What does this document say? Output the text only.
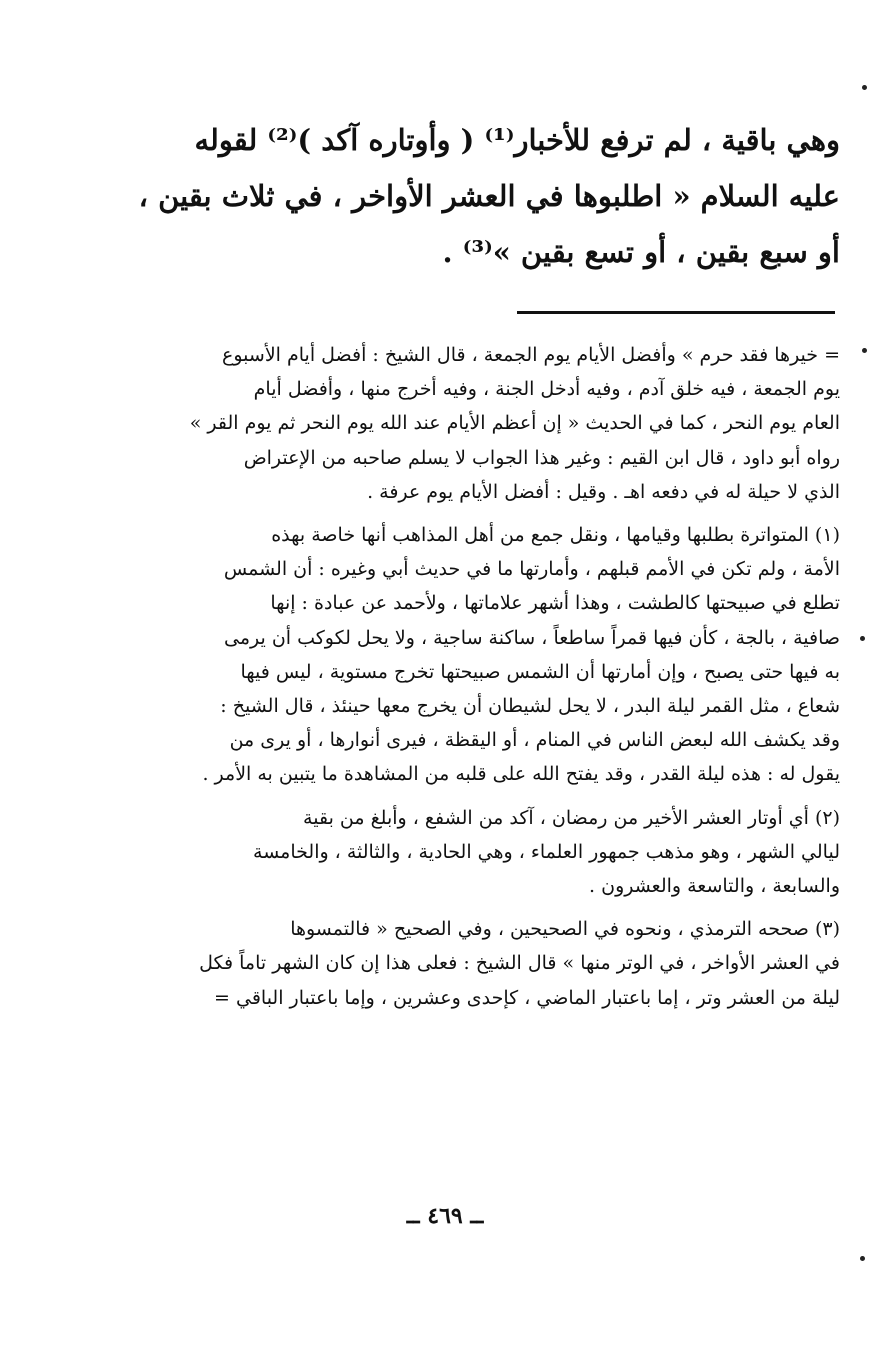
وهي باقية ، لم ترفع للأخبار⁽¹⁾ ( وأوتاره آكد )⁽²⁾ لقوله
عليه السلام « اطلبوها في العشر الأواخر ، في ثلاث بقين ،
أو سبع بقين ، أو تسع بقين »⁽³⁾ .
= خيرها فقد حرم » وأفضل الأيام يوم الجمعة ، قال الشيخ : أفضل أيام الأسبوع
يوم الجمعة ، فيه خلق آدم ، وفيه أدخل الجنة ، وفيه أخرج منها ، وأفضل أيام
العام يوم النحر ، كما في الحديث « إن أعظم الأيام عند الله يوم النحر ثم يوم القر »
رواه أبو داود ، قال ابن القيم : وغير هذا الجواب لا يسلم صاحبه من الإعتراض
الذي لا حيلة له في دفعه اهـ . وقيل : أفضل الأيام يوم عرفة .
(١) المتواترة بطلبها وقيامها ، ونقل جمع من أهل المذاهب أنها خاصة بهذه
الأمة ، ولم تكن في الأمم قبلهم ، وأمارتها ما في حديث أبي وغيره : أن الشمس
تطلع في صبيحتها كالطشت ، وهذا أشهر علاماتها ، ولأحمد عن عبادة : إنها
صافية ، بالجة ، كأن فيها قمراً ساطعاً ، ساكنة ساجية ، ولا يحل لكوكب أن يرمى
به فيها حتى يصبح ، وإن أمارتها أن الشمس صبيحتها تخرج مستوية ، ليس فيها
شعاع ، مثل القمر ليلة البدر ، لا يحل لشيطان أن يخرج معها حينئذ ، قال الشيخ :
وقد يكشف الله لبعض الناس في المنام ، أو اليقظة ، فيرى أنوارها ، أو يرى من
يقول له : هذه ليلة القدر ، وقد يفتح الله على قلبه من المشاهدة ما يتبين به الأمر .
(٢) أي أوتار العشر الأخير من رمضان ، آكد من الشفع ، وأبلغ من بقية
ليالي الشهر ، وهو مذهب جمهور العلماء ، وهي الحادية ، والثالثة ، والخامسة
والسابعة ، والتاسعة والعشرون .
(٣) صححه الترمذي ، ونحوه في الصحيحين ، وفي الصحيح « فالتمسوها
في العشر الأواخر ، في الوتر منها » قال الشيخ : فعلى هذا إن كان الشهر تاماً فكل
ليلة من العشر وتر ، إما باعتبار الماضي ، كإحدى وعشرين ، وإما باعتبار الباقي =
ــ ٤٦٩ ــ
